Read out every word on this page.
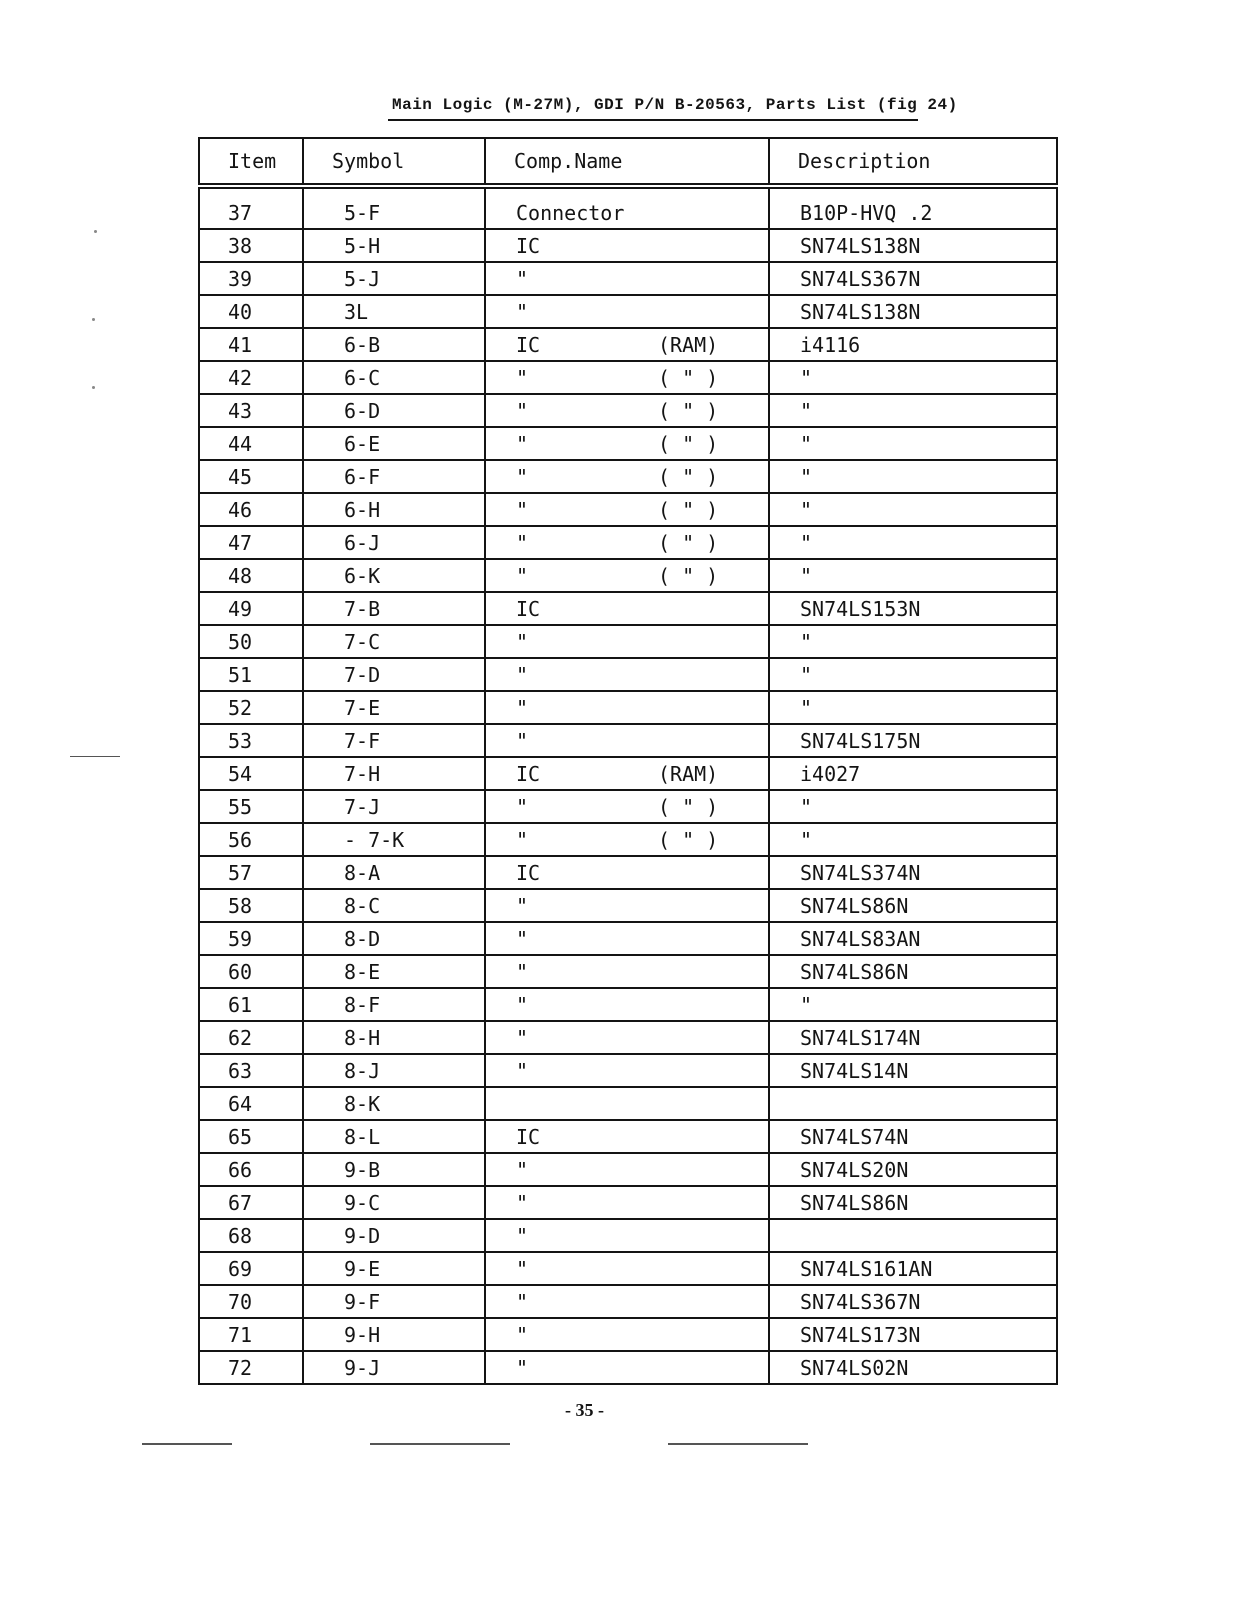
Main Logic (M-27M), GDI P/N B-20563, Parts List (fig 24)
Item	Symbol	Comp.Name	Description
37	5-F	Connector	B10P-HVQ .2
38	5-H	IC	SN74LS138N
39	5-J	"	SN74LS367N
40	3L	"	SN74LS138N
41	6-B	IC (RAM)	i4116
42	6-C	" ( " )	"
43	6-D	" ( " )	"
44	6-E	" ( " )	"
45	6-F	" ( " )	"
46	6-H	" ( " )	"
47	6-J	" ( " )	"
48	6-K	" ( " )	"
49	7-B	IC	SN74LS153N
50	7-C	"	"
51	7-D	"	"
52	7-E	"	"
53	7-F	"	SN74LS175N
54	7-H	IC (RAM)	i4027
55	7-J	" ( " )	"
56	- 7-K	" ( " )	"
57	8-A	IC	SN74LS374N
58	8-C	"	SN74LS86N
59	8-D	"	SN74LS83AN
60	8-E	"	SN74LS86N
61	8-F	"	"
62	8-H	"	SN74LS174N
63	8-J	"	SN74LS14N
64	8-K	

65	8-L	IC	SN74LS74N
66	9-B	"	SN74LS20N
67	9-C	"	SN74LS86N
68	9-D	"

69	9-E	"	SN74LS161AN
70	9-F	"	SN74LS367N
71	9-H	"	SN74LS173N
72	9-J	"	SN74LS02N
- 35 -
